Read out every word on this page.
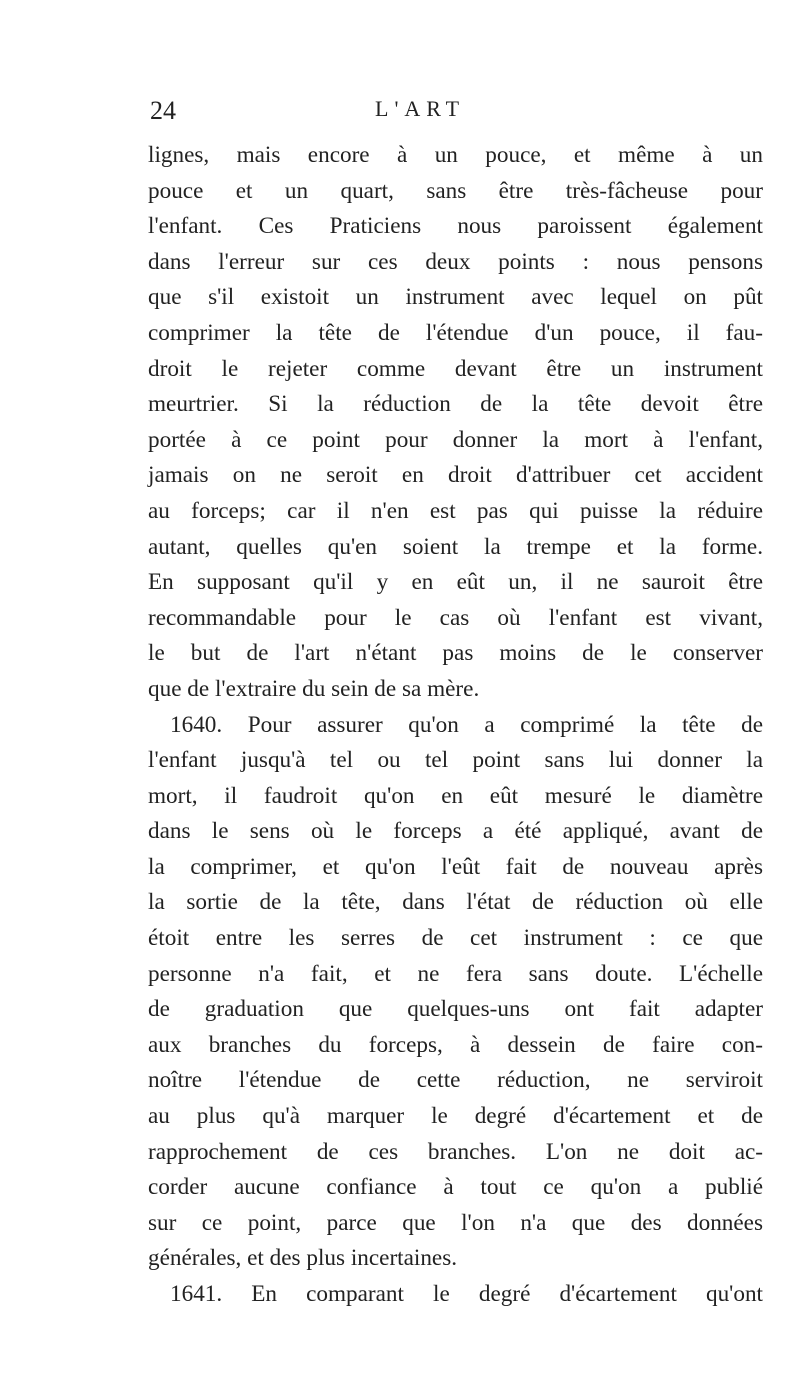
24	L'ART
lignes, mais encore à un pouce, et même à un
pouce et un quart, sans être très-fâcheuse pour
l'enfant. Ces Praticiens nous paroissent également
dans l'erreur sur ces deux points : nous pensons
que s'il existoit un instrument avec lequel on pût
comprimer la tête de l'étendue d'un pouce, il fau-
droit le rejeter comme devant être un instrument
meurtrier. Si la réduction de la tête devoit être
portée à ce point pour donner la mort à l'enfant,
jamais on ne seroit en droit d'attribuer cet accident
au forceps; car il n'en est pas qui puisse la réduire
autant, quelles qu'en soient la trempe et la forme.
En supposant qu'il y en eût un, il ne sauroit être
recommandable pour le cas où l'enfant est vivant,
le but de l'art n'étant pas moins de le conserver
que de l'extraire du sein de sa mère.
1640. Pour assurer qu'on a comprimé la tête de
l'enfant jusqu'à tel ou tel point sans lui donner la
mort, il faudroit qu'on en eût mesuré le diamètre
dans le sens où le forceps a été appliqué, avant de
la comprimer, et qu'on l'eût fait de nouveau après
la sortie de la tête, dans l'état de réduction où elle
étoit entre les serres de cet instrument : ce que
personne n'a fait, et ne fera sans doute. L'échelle
de graduation que quelques-uns ont fait adapter
aux branches du forceps, à dessein de faire con-
noître l'étendue de cette réduction, ne serviroit
au plus qu'à marquer le degré d'écartement et de
rapprochement de ces branches. L'on ne doit ac-
corder aucune confiance à tout ce qu'on a publié
sur ce point, parce que l'on n'a que des données
générales, et des plus incertaines.
1641. En comparant le degré d'écartement qu'ont
